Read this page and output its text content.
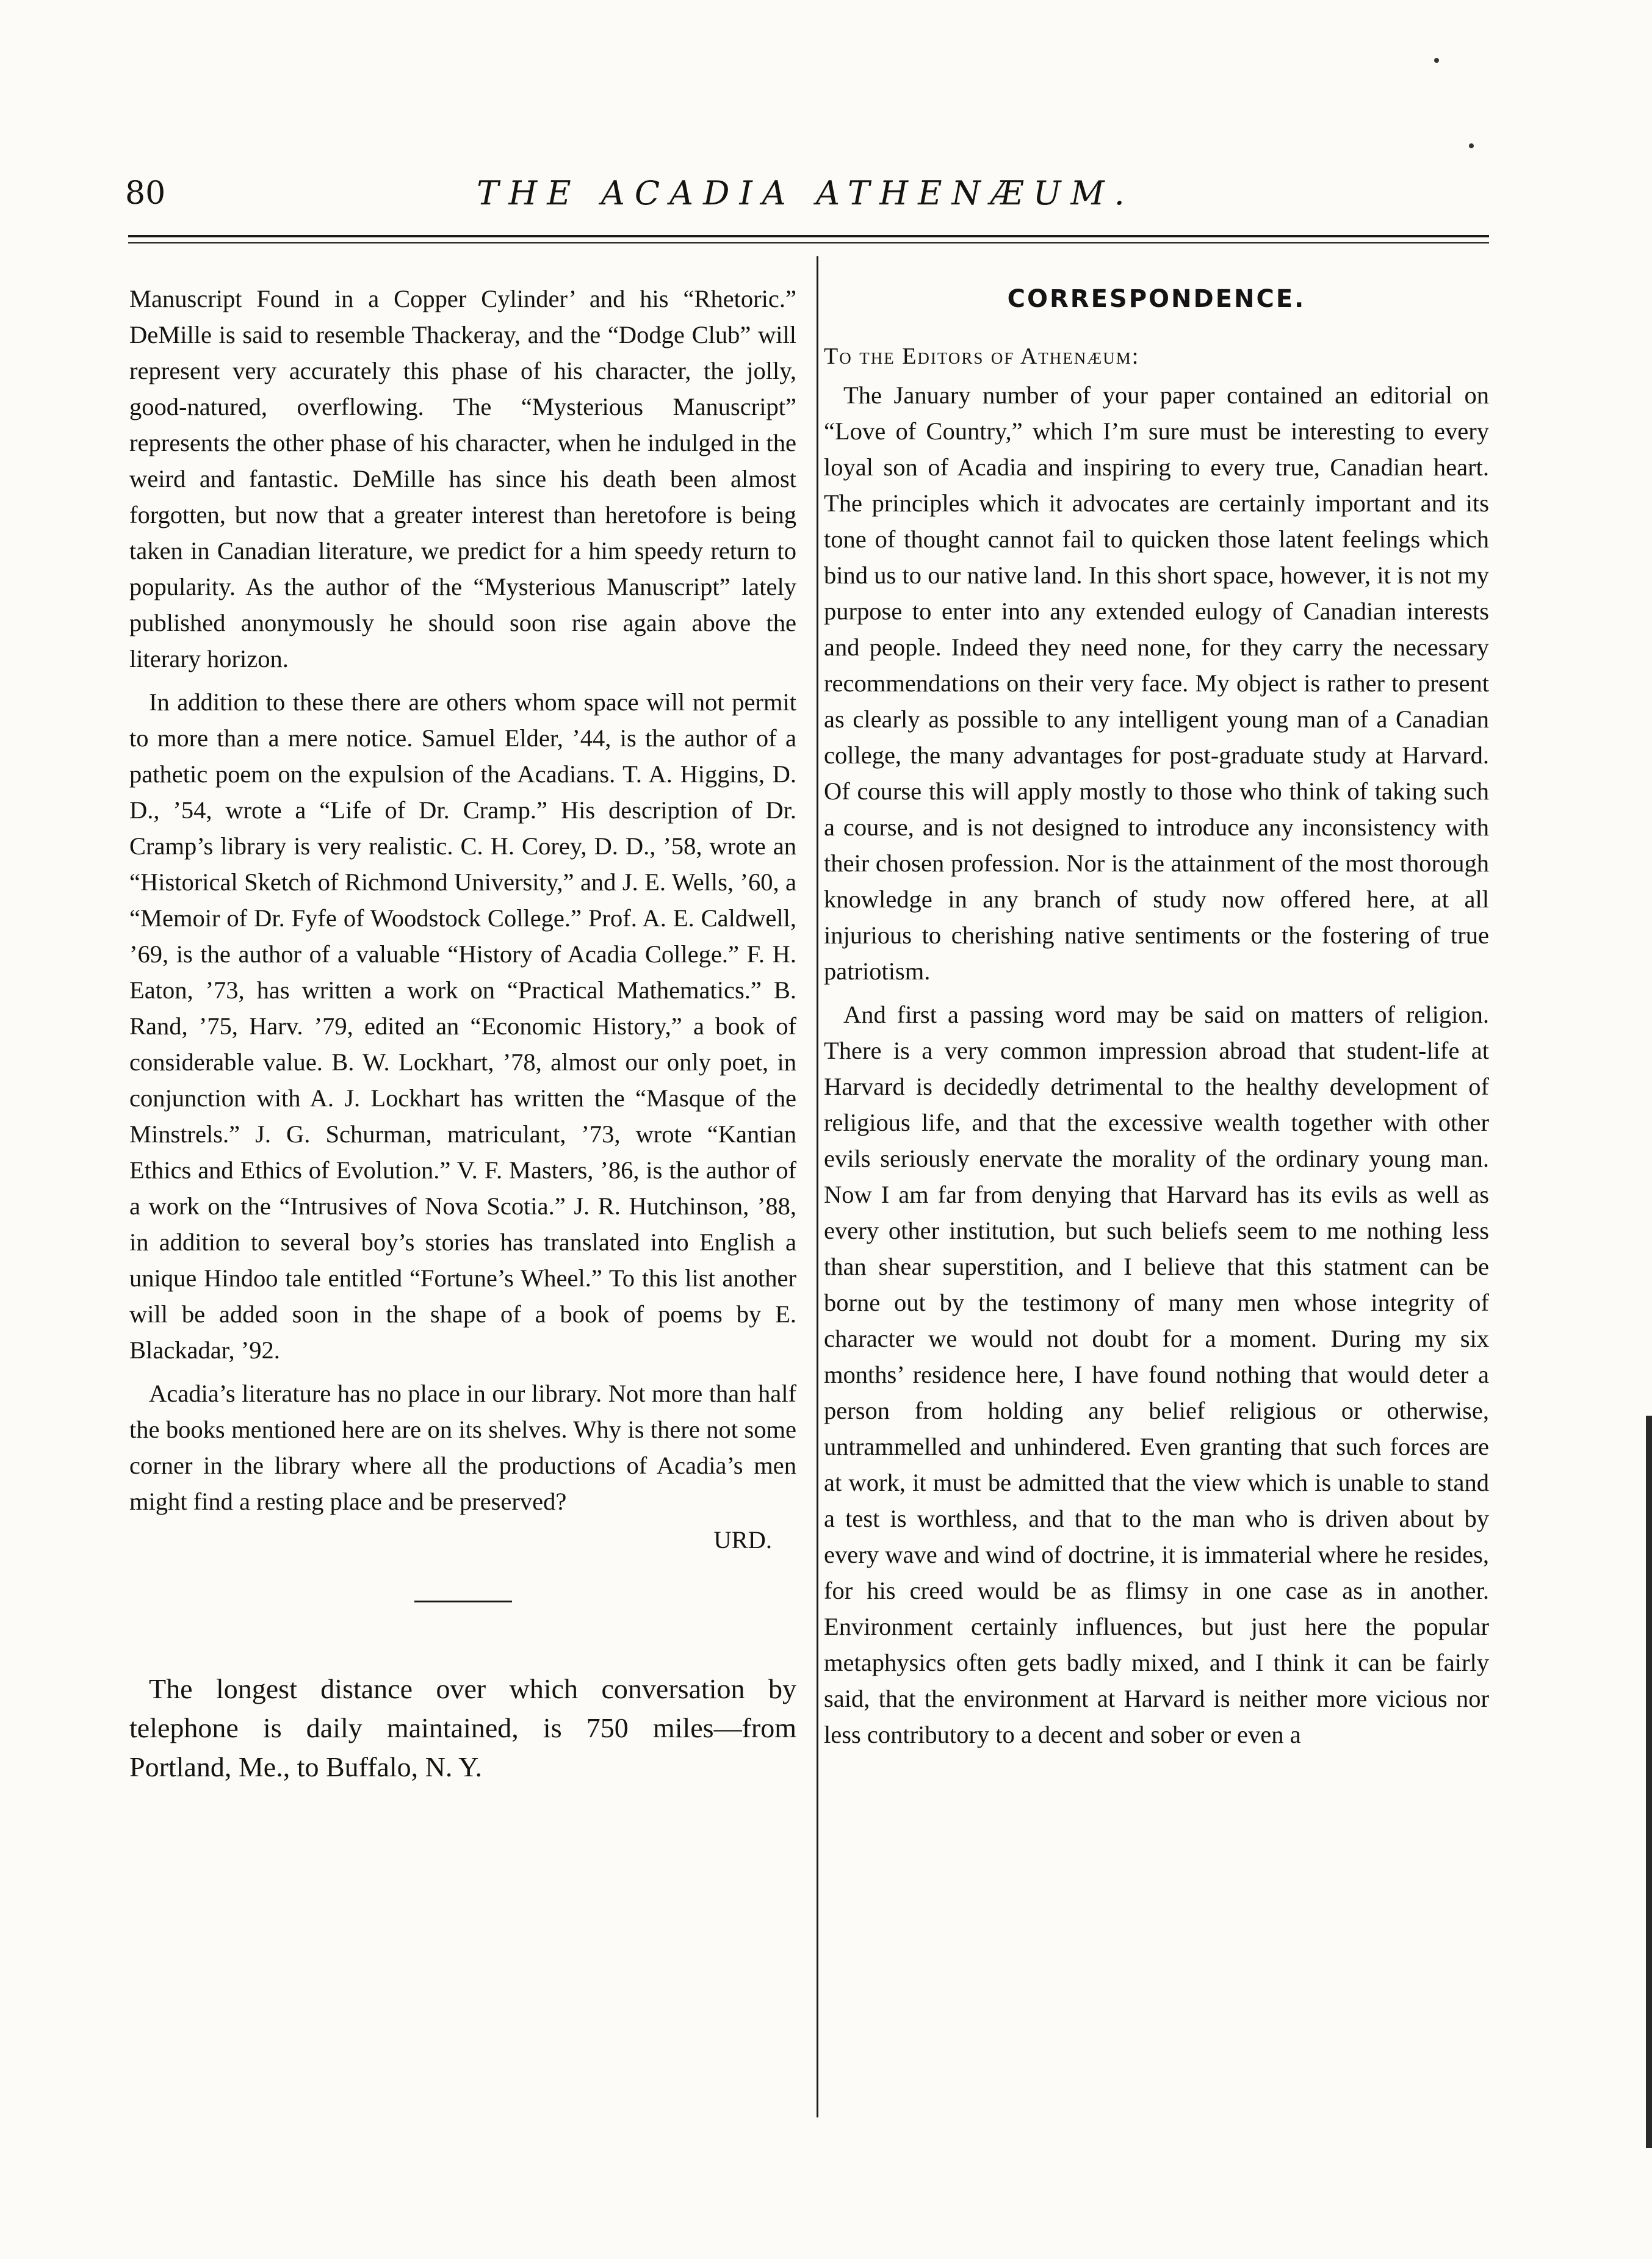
80	THE ACADIA ATHENÆUM.

Manuscript Found in a Copper Cylinder’ and his “Rhetoric.” DeMille is said to resemble Thackeray, and the “Dodge Club” will represent very accurately this phase of his character, the jolly, good-natured, overflowing. The “Mysterious Manuscript” represents the other phase of his character, when he indulged in the weird and fantastic. DeMille has since his death been almost forgotten, but now that a greater interest than heretofore is being taken in Canadian literature, we predict for a him speedy return to popularity. As the author of the “Mysterious Manuscript” lately published anonymously he should soon rise again above the literary horizon.

In addition to these there are others whom space will not permit to more than a mere notice. Samuel Elder, ’44, is the author of a pathetic poem on the expulsion of the Acadians. T. A. Higgins, D. D., ’54, wrote a “Life of Dr. Cramp.” His description of Dr. Cramp’s library is very realistic. C. H. Corey, D. D., ’58, wrote an “Historical Sketch of Richmond University,” and J. E. Wells, ’60, a “Memoir of Dr. Fyfe of Woodstock College.” Prof. A. E. Caldwell, ’69, is the author of a valuable “History of Acadia College.” F. H. Eaton, ’73, has written a work on “Practical Mathematics.” B. Rand, ’75, Harv. ’79, edited an “Economic History,” a book of considerable value. B. W. Lockhart, ’78, almost our only poet, in conjunction with A. J. Lockhart has written the “Masque of the Minstrels.” J. G. Schurman, matriculant, ’73, wrote “Kantian Ethics and Ethics of Evolution.” V. F. Masters, ’86, is the author of a work on the “Intrusives of Nova Scotia.” J. R. Hutchinson, ’88, in addition to several boy’s stories has translated into English a unique Hindoo tale entitled “Fortune’s Wheel.” To this list another will be added soon in the shape of a book of poems by E. Blackadar, ’92.

Acadia’s literature has no place in our library. Not more than half the books mentioned here are on its shelves. Why is there not some corner in the library where all the productions of Acadia’s men might find a resting place and be preserved?

URD.

The longest distance over which conversation by telephone is daily maintained, is 750 miles—from Portland, Me., to Buffalo, N. Y.

CORRESPONDENCE.
To the Editors of Athenæum:

The January number of your paper contained an editorial on “Love of Country,” which I’m sure must be interesting to every loyal son of Acadia and inspiring to every true, Canadian heart. The principles which it advocates are certainly important and its tone of thought cannot fail to quicken those latent feelings which bind us to our native land. In this short space, however, it is not my purpose to enter into any extended eulogy of Canadian interests and people. Indeed they need none, for they carry the necessary recommendations on their very face. My object is rather to present as clearly as possible to any intelligent young man of a Canadian college, the many advantages for post-graduate study at Harvard. Of course this will apply mostly to those who think of taking such a course, and is not designed to introduce any inconsistency with their chosen profession. Nor is the attainment of the most thorough knowledge in any branch of study now offered here, at all injurious to cherishing native sentiments or the fostering of true patriotism.

And first a passing word may be said on matters of religion. There is a very common impression abroad that student-life at Harvard is decidedly detrimental to the healthy development of religious life, and that the excessive wealth together with other evils seriously enervate the morality of the ordinary young man. Now I am far from denying that Harvard has its evils as well as every other institution, but such beliefs seem to me nothing less than shear superstition, and I believe that this statment can be borne out by the testimony of many men whose integrity of character we would not doubt for a moment. During my six months’ residence here, I have found nothing that would deter a person from holding any belief religious or otherwise, untrammelled and unhindered. Even granting that such forces are at work, it must be admitted that the view which is unable to stand a test is worthless, and that to the man who is driven about by every wave and wind of doctrine, it is immaterial where he resides, for his creed would be as flimsy in one case as in another. Environment certainly influences, but just here the popular metaphysics often gets badly mixed, and I think it can be fairly said, that the environment at Harvard is neither more vicious nor less contributory to a decent and sober or even a
